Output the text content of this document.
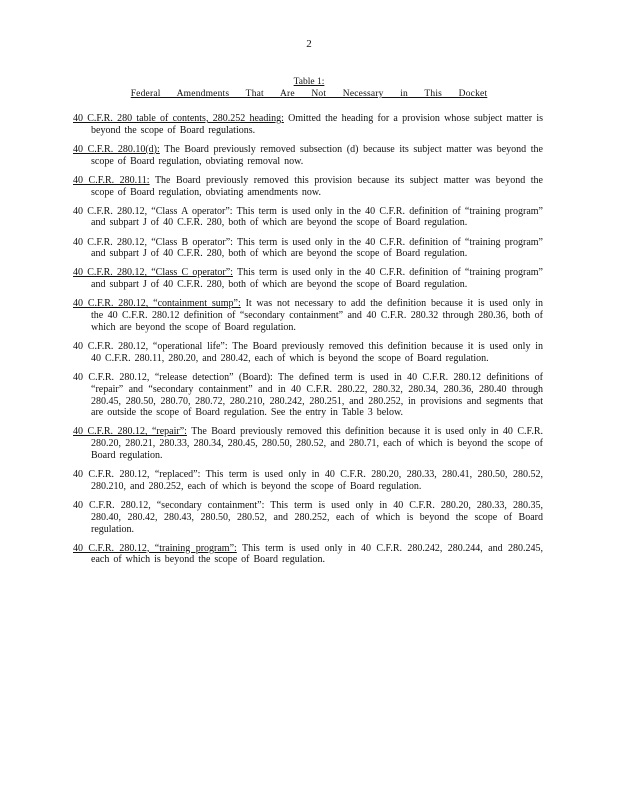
2
Table 1:
Federal Amendments That Are Not Necessary in This Docket

40 C.F.R. 280 table of contents, 280.252 heading: Omitted the heading for a provision whose subject matter is beyond the scope of Board regulations.

40 C.F.R. 280.10(d): The Board previously removed subsection (d) because its subject matter was beyond the scope of Board regulation, obviating removal now.

40 C.F.R. 280.11: The Board previously removed this provision because its subject matter was beyond the scope of Board regulation, obviating amendments now.

40 C.F.R. 280.12, “Class A operator”: This term is used only in the 40 C.F.R. definition of “training program” and subpart J of 40 C.F.R. 280, both of which are beyond the scope of Board regulation.

40 C.F.R. 280.12, “Class B operator”: This term is used only in the 40 C.F.R. definition of “training program” and subpart J of 40 C.F.R. 280, both of which are beyond the scope of Board regulation.

40 C.F.R. 280.12, “Class C operator”: This term is used only in the 40 C.F.R. definition of “training program” and subpart J of 40 C.F.R. 280, both of which are beyond the scope of Board regulation.

40 C.F.R. 280.12, “containment sump”: It was not necessary to add the definition because it is used only in the 40 C.F.R. 280.12 definition of “secondary containment” and 40 C.F.R. 280.32 through 280.36, both of which are beyond the scope of Board regulation.

40 C.F.R. 280.12, “operational life”: The Board previously removed this definition because it is used only in 40 C.F.R. 280.11, 280.20, and 280.42, each of which is beyond the scope of Board regulation.

40 C.F.R. 280.12, “release detection” (Board): The defined term is used in 40 C.F.R. 280.12 definitions of “repair” and “secondary containment” and in 40 C.F.R. 280.22, 280.32, 280.34, 280.36, 280.40 through 280.45, 280.50, 280.70, 280.72, 280.210, 280.242, 280.251, and 280.252, in provisions and segments that are outside the scope of Board regulation. See the entry in Table 3 below.

40 C.F.R. 280.12, “repair”: The Board previously removed this definition because it is used only in 40 C.F.R. 280.20, 280.21, 280.33, 280.34, 280.45, 280.50, 280.52, and 280.71, each of which is beyond the scope of Board regulation.

40 C.F.R. 280.12, “replaced”: This term is used only in 40 C.F.R. 280.20, 280.33, 280.41, 280.50, 280.52, 280.210, and 280.252, each of which is beyond the scope of Board regulation.

40 C.F.R. 280.12, “secondary containment”: This term is used only in 40 C.F.R. 280.20, 280.33, 280.35, 280.40, 280.42, 280.43, 280.50, 280.52, and 280.252, each of which is beyond the scope of Board regulation.

40 C.F.R. 280.12, “training program”: This term is used only in 40 C.F.R. 280.242, 280.244, and 280.245, each of which is beyond the scope of Board regulation.
